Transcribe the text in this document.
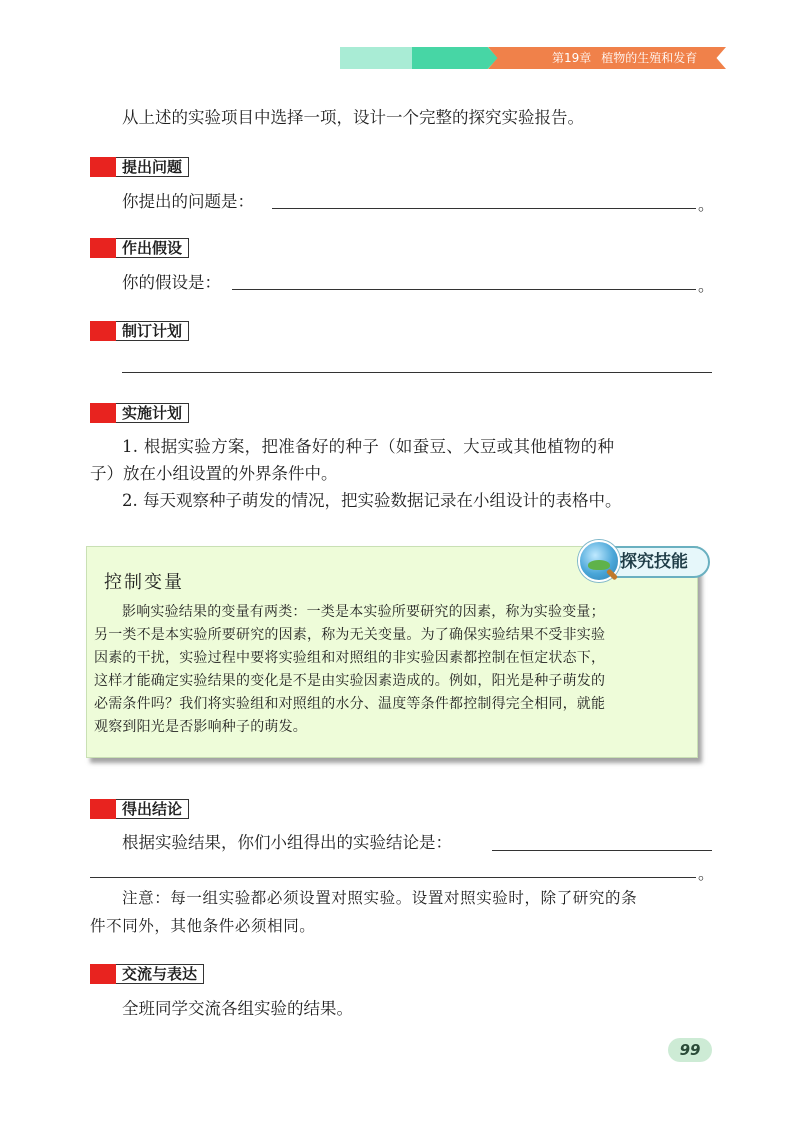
第19章 植物的生殖和发育
从上述的实验项目中选择一项，设计一个完整的探究实验报告。
提出问题
你提出的问题是：	。
作出假设
你的假设是：	。
制订计划
实施计划
1. 根据实验方案，把准备好的种子（如蚕豆、大豆或其他植物的种
子）放在小组设置的外界条件中。
2. 每天观察种子萌发的情况，把实验数据记录在小组设计的表格中。
探究技能
控制变量
影响实验结果的变量有两类：一类是本实验所要研究的因素，称为实验变量；
另一类不是本实验所要研究的因素，称为无关变量。为了确保实验结果不受非实验
因素的干扰，实验过程中要将实验组和对照组的非实验因素都控制在恒定状态下，
这样才能确定实验结果的变化是不是由实验因素造成的。例如，阳光是种子萌发的
必需条件吗？我们将实验组和对照组的水分、温度等条件都控制得完全相同，就能
观察到阳光是否影响种子的萌发。
得出结论
根据实验结果，你们小组得出的实验结论是：
。
注意：每一组实验都必须设置对照实验。设置对照实验时，除了研究的条
件不同外，其他条件必须相同。
交流与表达
全班同学交流各组实验的结果。
99
